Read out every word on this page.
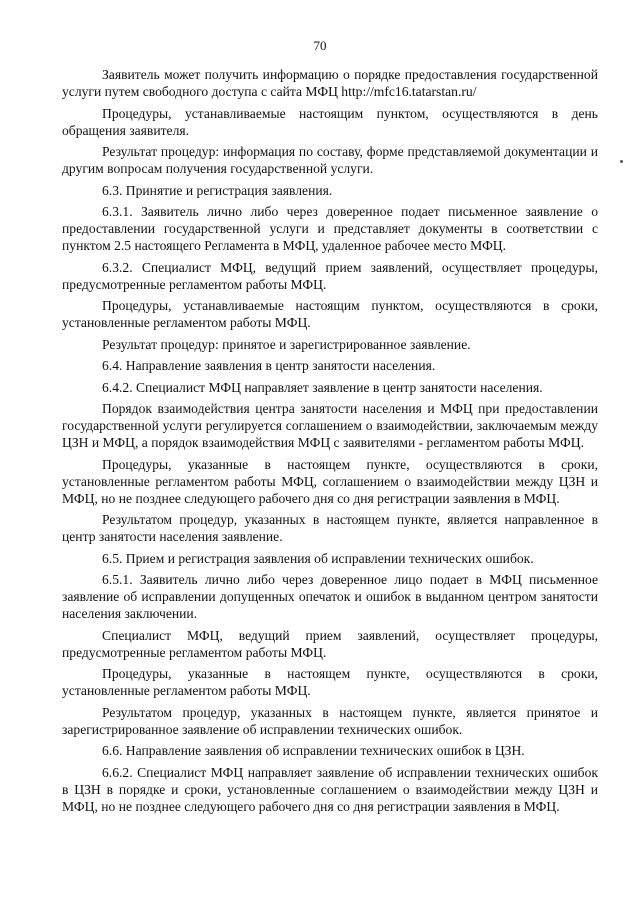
70

Заявитель может получить информацию о порядке предоставления государственной услуги путем свободного доступа с сайта МФЦ http://mfc16.tatarstan.ru/

Процедуры, устанавливаемые настоящим пунктом, осуществляются в день обращения заявителя.

Результат процедур: информация по составу, форме представляемой документации и другим вопросам получения государственной услуги.

6.3. Принятие и регистрация заявления.

6.3.1. Заявитель лично либо через доверенное подает письменное заявление о предоставлении государственной услуги и представляет документы в соответствии с пунктом 2.5 настоящего Регламента в МФЦ, удаленное рабочее место МФЦ.

6.3.2. Специалист МФЦ, ведущий прием заявлений, осуществляет процедуры, предусмотренные регламентом работы МФЦ.

Процедуры, устанавливаемые настоящим пунктом, осуществляются в сроки, установленные регламентом работы МФЦ.

Результат процедур: принятое и зарегистрированное заявление.

6.4. Направление заявления в центр занятости населения.

6.4.2. Специалист МФЦ направляет заявление в центр занятости населения.

Порядок взаимодействия центра занятости населения и МФЦ при предоставлении государственной услуги регулируется соглашением о взаимодействии, заключаемым между ЦЗН и МФЦ, а порядок взаимодействия МФЦ с заявителями - регламентом работы МФЦ.

Процедуры, указанные в настоящем пункте, осуществляются в сроки, установленные регламентом работы МФЦ, соглашением о взаимодействии между ЦЗН и МФЦ, но не позднее следующего рабочего дня со дня регистрации заявления в МФЦ.

Результатом процедур, указанных в настоящем пункте, является направленное в центр занятости населения заявление.

6.5. Прием и регистрация заявления об исправлении технических ошибок.

6.5.1. Заявитель лично либо через доверенное лицо подает в МФЦ письменное заявление об исправлении допущенных опечаток и ошибок в выданном центром занятости населения заключении.

Специалист МФЦ, ведущий прием заявлений, осуществляет процедуры, предусмотренные регламентом работы МФЦ.

Процедуры, указанные в настоящем пункте, осуществляются в сроки, установленные регламентом работы МФЦ.

Результатом процедур, указанных в настоящем пункте, является принятое и зарегистрированное заявление об исправлении технических ошибок.

6.6. Направление заявления об исправлении технических ошибок в ЦЗН.

6.6.2. Специалист МФЦ направляет заявление об исправлении технических ошибок в ЦЗН в порядке и сроки, установленные соглашением о взаимодействии между ЦЗН и МФЦ, но не позднее следующего рабочего дня со дня регистрации заявления в МФЦ.
